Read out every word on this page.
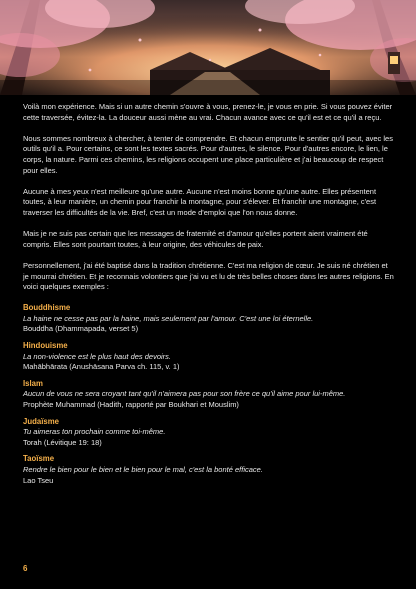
Voilà mon expérience. Mais si un autre chemin s'ouvre à vous, prenez-le, je vous en prie. Si vous pouvez éviter cette traversée, évitez-la. La douceur aussi mène au vrai. Chacun avance avec ce qu'il est et ce qu'il a reçu.

Nous sommes nombreux à chercher, à tenter de comprendre. Et chacun emprunte le sentier qu'il peut, avec les outils qu'il a. Pour certains, ce sont les textes sacrés. Pour d'autres, le silence. Pour d'autres encore, le lien, le corps, la nature. Parmi ces chemins, les religions occupent une place particulière et j'ai beaucoup de respect pour elles.

Aucune à mes yeux n'est meilleure qu'une autre. Aucune n'est moins bonne qu'une autre. Elles présentent toutes, à leur manière, un chemin pour franchir la montagne, pour s'élever. Et franchir une montagne, c'est traverser les difficultés de la vie. Bref, c'est un mode d'emploi que l'on nous donne.

Mais je ne suis pas certain que les messages de fraternité et d'amour qu'elles portent aient vraiment été compris. Elles sont pourtant toutes, à leur origine, des véhicules de paix.

Personnellement, j'ai été baptisé dans la tradition chrétienne. C'est ma religion de cœur. Je suis né chrétien et je mourrai chrétien. Et je reconnais volontiers que j'ai vu et lu de très belles choses dans les autres religions. En voici quelques exemples :

Bouddhisme
La haine ne cesse pas par la haine, mais seulement par l'amour. C'est une loi éternelle.
Bouddha (Dhammapada, verset 5)
Hindouisme
La non-violence est le plus haut des devoirs.
Mahābhārata (Anushāsana Parva ch. 115, v. 1)
Islam
Aucun de vous ne sera croyant tant qu'il n'aimera pas pour son frère ce qu'il aime pour lui-même.
Prophète Muhammad (Hadith, rapporté par Boukhari et Mouslim)
Judaïsme
Tu aimeras ton prochain comme toi-même.
Torah (Lévitique 19: 18)
Taoïsme
Rendre le bien pour le bien et le bien pour le mal, c'est la bonté efficace.
Lao Tseu
6
